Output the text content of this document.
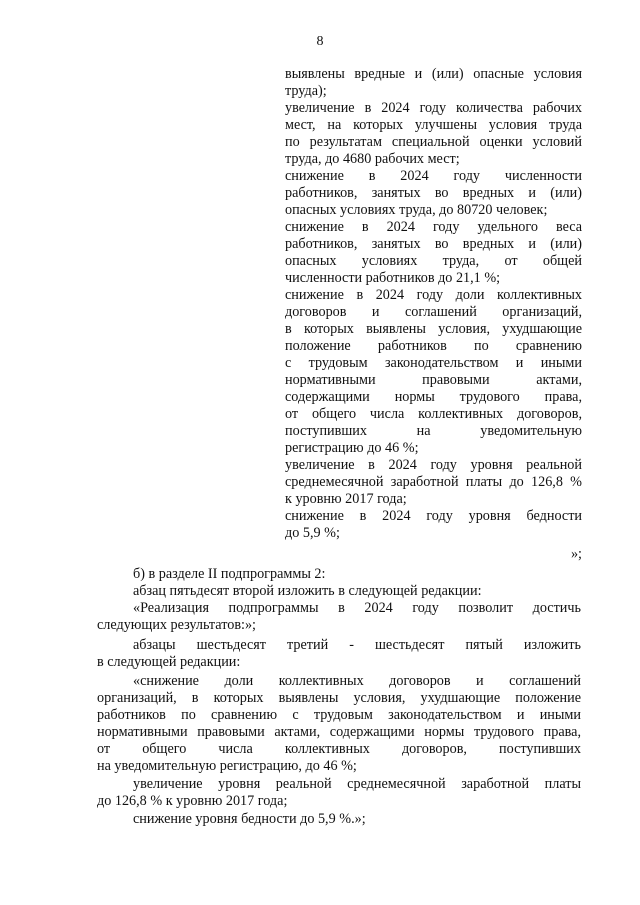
8
выявлены вредные и (или) опасные условия
труда);
увеличение в 2024 году количества рабочих
мест, на которых улучшены условия труда
по результатам специальной оценки условий
труда, до 4680 рабочих мест;
снижение в 2024 году численности
работников, занятых во вредных и (или)
опасных условиях труда, до 80720 человек;
снижение в 2024 году удельного веса
работников, занятых во вредных и (или)
опасных условиях труда, от общей
численности работников до 21,1 %;
снижение в 2024 году доли коллективных
договоров и соглашений организаций,
в которых выявлены условия, ухудшающие
положение работников по сравнению
с трудовым законодательством и иными
нормативными правовыми актами,
содержащими нормы трудового права,
от общего числа коллективных договоров,
поступивших на уведомительную
регистрацию до 46 %;
увеличение в 2024 году уровня реальной
среднемесячной заработной платы до 126,8 %
к уровню 2017 года;
снижение в 2024 году уровня бедности
до 5,9 %;
»;
б) в разделе II подпрограммы 2:
абзац пятьдесят второй изложить в следующей редакции:
«Реализация подпрограммы в 2024 году позволит достичь
следующих результатов:»;
абзацы шестьдесят третий - шестьдесят пятый изложить
в следующей редакции:
«снижение доли коллективных договоров и соглашений
организаций, в которых выявлены условия, ухудшающие положение
работников по сравнению с трудовым законодательством и иными
нормативными правовыми актами, содержащими нормы трудового права,
от общего числа коллективных договоров, поступивших
на уведомительную регистрацию, до 46 %;
увеличение уровня реальной среднемесячной заработной платы
до 126,8 % к уровню 2017 года;
снижение уровня бедности до 5,9 %.»;
